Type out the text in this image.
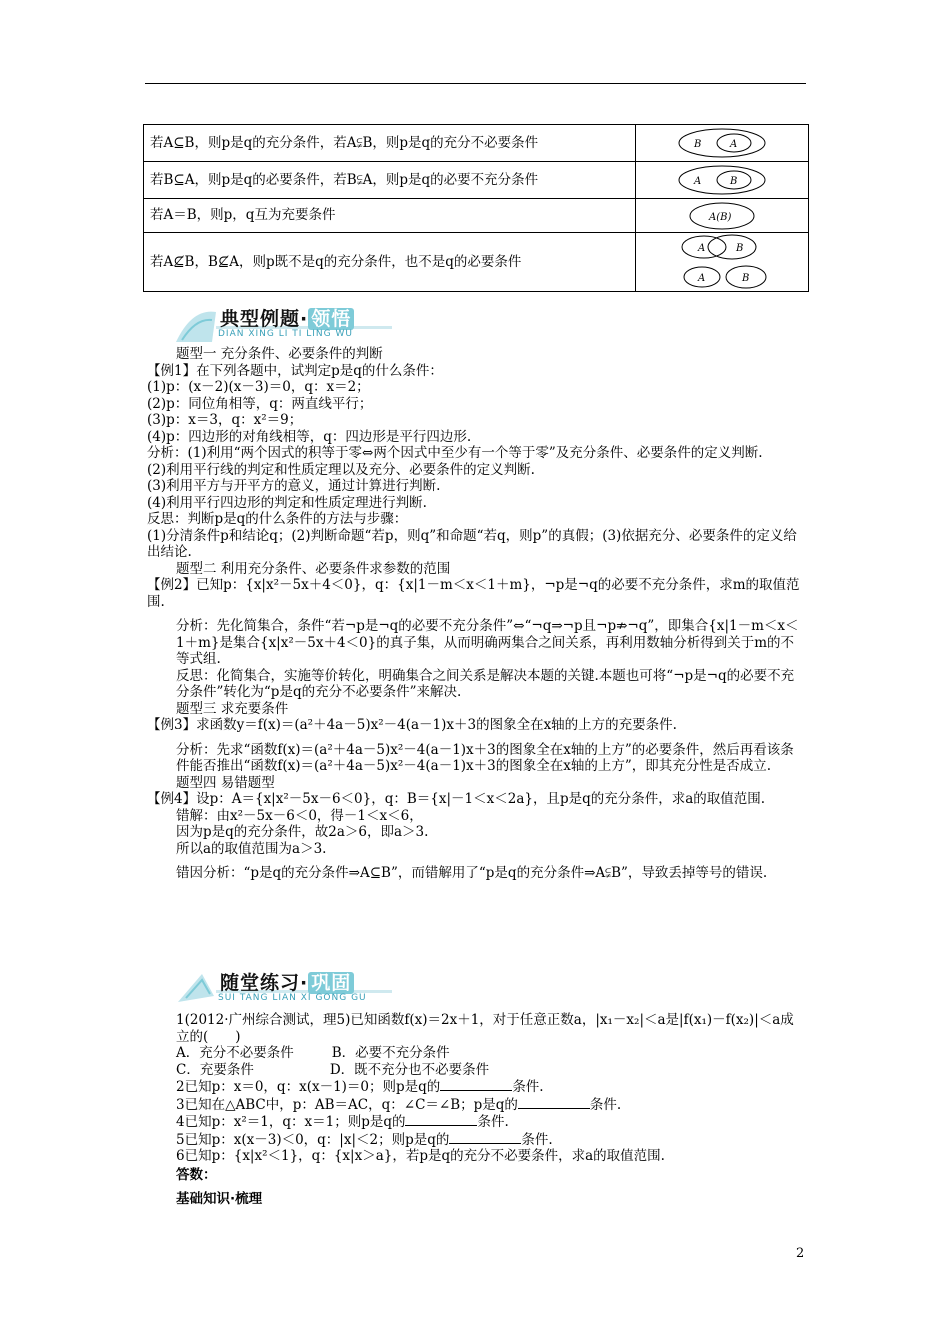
若A⊆B，则p是q的充分条件，若A⫋B，则p是q的充分不必要条件	B A

若B⊆A，则p是q的必要条件，若B⫋A，则p是q的必要不充分条件	A B

若A＝B，则p，q互为充要条件	A(B)

若A⊈B，B⊈A，则p既不是q的充分条件，也不是q的必要条件	A B
A B
典型例题· 领悟
DIAN XING LI TI LING WU

题型一 充分条件、必要条件的判断

【例1】在下列各题中，试判定p是q的什么条件：

(1)p：(x－2)(x－3)＝0，q：x＝2；

(2)p：同位角相等，q：两直线平行；

(3)p：x＝3，q：x²＝9；

(4)p：四边形的对角线相等，q：四边形是平行四边形.

分析：(1)利用“两个因式的积等于零⇔两个因式中至少有一个等于零”及充分条件、必要条件的定义判断.

(2)利用平行线的判定和性质定理以及充分、必要条件的定义判断.

(3)利用平方与开平方的意义，通过计算进行判断.

(4)利用平行四边形的判定和性质定理进行判断.

反思：判断p是q的什么条件的方法与步骤：

(1)分清条件p和结论q；(2)判断命题“若p，则q”和命题“若q，则p”的真假；(3)依据充分、必要条件的定义给出结论.

题型二 利用充分条件、必要条件求参数的范围

【例2】已知p：{x|x²－5x＋4＜0}，q：{x|1－m＜x＜1＋m}，¬p是¬q的必要不充分条件，求m的取值范围.

分析：先化简集合，条件“若¬p是¬q的必要不充分条件”⇔“¬q⇒¬p且¬p⇏¬q”，即集合{x|1－m＜x＜1＋m}是集合{x|x²－5x＋4＜0}的真子集，从而明确两集合之间关系，再利用数轴分析得到关于m的不等式组.

反思：化简集合，实施等价转化，明确集合之间关系是解决本题的关键.本题也可将“¬p是¬q的必要不充分条件”转化为“p是q的充分不必要条件”来解决.

题型三 求充要条件

【例3】求函数y＝f(x)＝(a²＋4a－5)x²－4(a－1)x＋3的图象全在x轴的上方的充要条件.

分析：先求“函数f(x)＝(a²＋4a－5)x²－4(a－1)x＋3的图象全在x轴的上方”的必要条件，然后再看该条件能否推出“函数f(x)＝(a²＋4a－5)x²－4(a－1)x＋3的图象全在x轴的上方”，即其充分性是否成立.

题型四 易错题型

【例4】设p：A＝{x|x²－5x－6＜0}，q：B＝{x|－1＜x＜2a}，且p是q的充分条件，求a的取值范围.

错解：由x²－5x－6＜0，得－1＜x＜6，

因为p是q的充分条件，故2a＞6，即a＞3.

所以a的取值范围为a＞3.

错因分析：“p是q的充分条件⇒A⊆B”，而错解用了“p是q的充分条件⇒A⫋B”，导致丢掉等号的错误.

随堂练习· 巩固
SUI TANG LIAN XI GONG GU

1(2012·广州综合测试，理5)已知函数f(x)＝2x＋1，对于任意正数a，|x₁－x₂|＜a是|f(x₁)－f(x₂)|＜a成立的(　　)

A．充分不必要条件	B．必要不充分条件

C．充要条件	D．既不充分也不必要条件

2已知p：x＝0，q：x(x－1)＝0；则p是q的	条件.

3已知在△ABC中，p：AB＝AC，q：∠C＝∠B；p是q的	条件.

4已知p：x²＝1，q：x＝1；则p是q的	条件.

5已知p：x(x－3)＜0，q：|x|＜2；则p是q的	条件.

6已知p：{x|x²＜1}，q：{x|x＞a}，若p是q的充分不必要条件，求a的取值范围.

答数：

基础知识·梳理

2
